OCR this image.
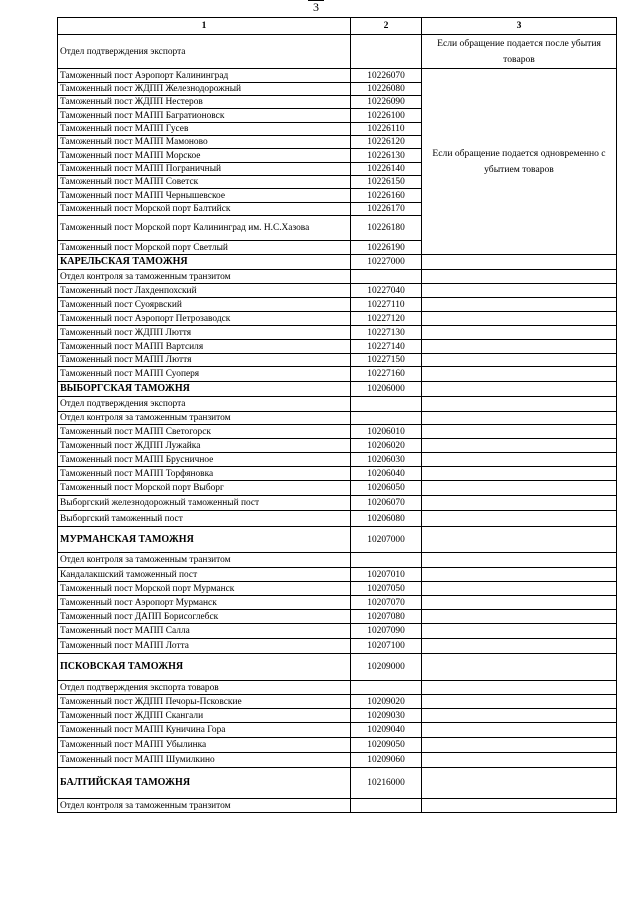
3
1	2	3
Отдел подтверждения экспорта		Если обращение подается после убытия товаров
Таможенный пост Аэропорт Калининград	10226070	Если обращение подается одновременно с убытием товаров
Таможенный пост ЖДПП Железнодорожный	10226080	
Таможенный пост ЖДПП Нестеров	10226090	
Таможенный пост МАПП Багратионовск	10226100	
Таможенный пост МАПП Гусев	10226110	
Таможенный пост МАПП Мамоново	10226120	
Таможенный пост МАПП Морское	10226130	
Таможенный пост МАПП Пограничный	10226140	
Таможенный пост МАПП Советск	10226150	
Таможенный пост МАПП Чернышевское	10226160	
Таможенный пост Морской порт Балтийск	10226170	
Таможенный пост Морской порт Калининград им. Н.С.Хазова	10226180	
Таможенный пост Морской порт Светлый	10226190	
КАРЕЛЬСКАЯ ТАМОЖНЯ	10227000	
Отдел контроля за таможенным транзитом		
Таможенный пост Лахденпохский	10227040	
Таможенный пост Суоярвский	10227110	
Таможенный пост Аэропорт Петрозаводск	10227120	
Таможенный пост ЖДПП Люття	10227130	
Таможенный пост МАПП Вартсиля	10227140	
Таможенный пост МАПП Люття	10227150	
Таможенный пост МАПП Суоперя	10227160	
ВЫБОРГСКАЯ ТАМОЖНЯ	10206000	
Отдел подтверждения экспорта		
Отдел контроля за таможенным транзитом		
Таможенный пост МАПП Светогорск	10206010	
Таможенный пост ЖДПП Лужайка	10206020	
Таможенный пост МАПП Брусничное	10206030	
Таможенный пост МАПП Торфяновка	10206040	
Таможенный пост Морской порт Выборг	10206050	
Выборгский железнодорожный таможенный пост	10206070	
Выборгский таможенный пост	10206080	
МУРМАНСКАЯ ТАМОЖНЯ	10207000	
Отдел контроля за таможенным транзитом		
Кандалакшский таможенный пост	10207010	
Таможенный пост Морской порт Мурманск	10207050	
Таможенный пост Аэропорт Мурманск	10207070	
Таможенный пост ДАПП Борисоглебск	10207080	
Таможенный пост МАПП Салла	10207090	
Таможенный пост МАПП Лотта	10207100	
ПСКОВСКАЯ ТАМОЖНЯ	10209000	
Отдел подтверждения экспорта товаров		
Таможенный пост ЖДПП Печоры-Псковские	10209020	
Таможенный пост ЖДПП Скангали	10209030	
Таможенный пост МАПП Куничина Гора	10209040	
Таможенный пост МАПП Убылинка	10209050	
Таможенный пост МАПП Шумилкино	10209060	
БАЛТИЙСКАЯ ТАМОЖНЯ	10216000	
Отдел контроля за таможенным транзитом		
